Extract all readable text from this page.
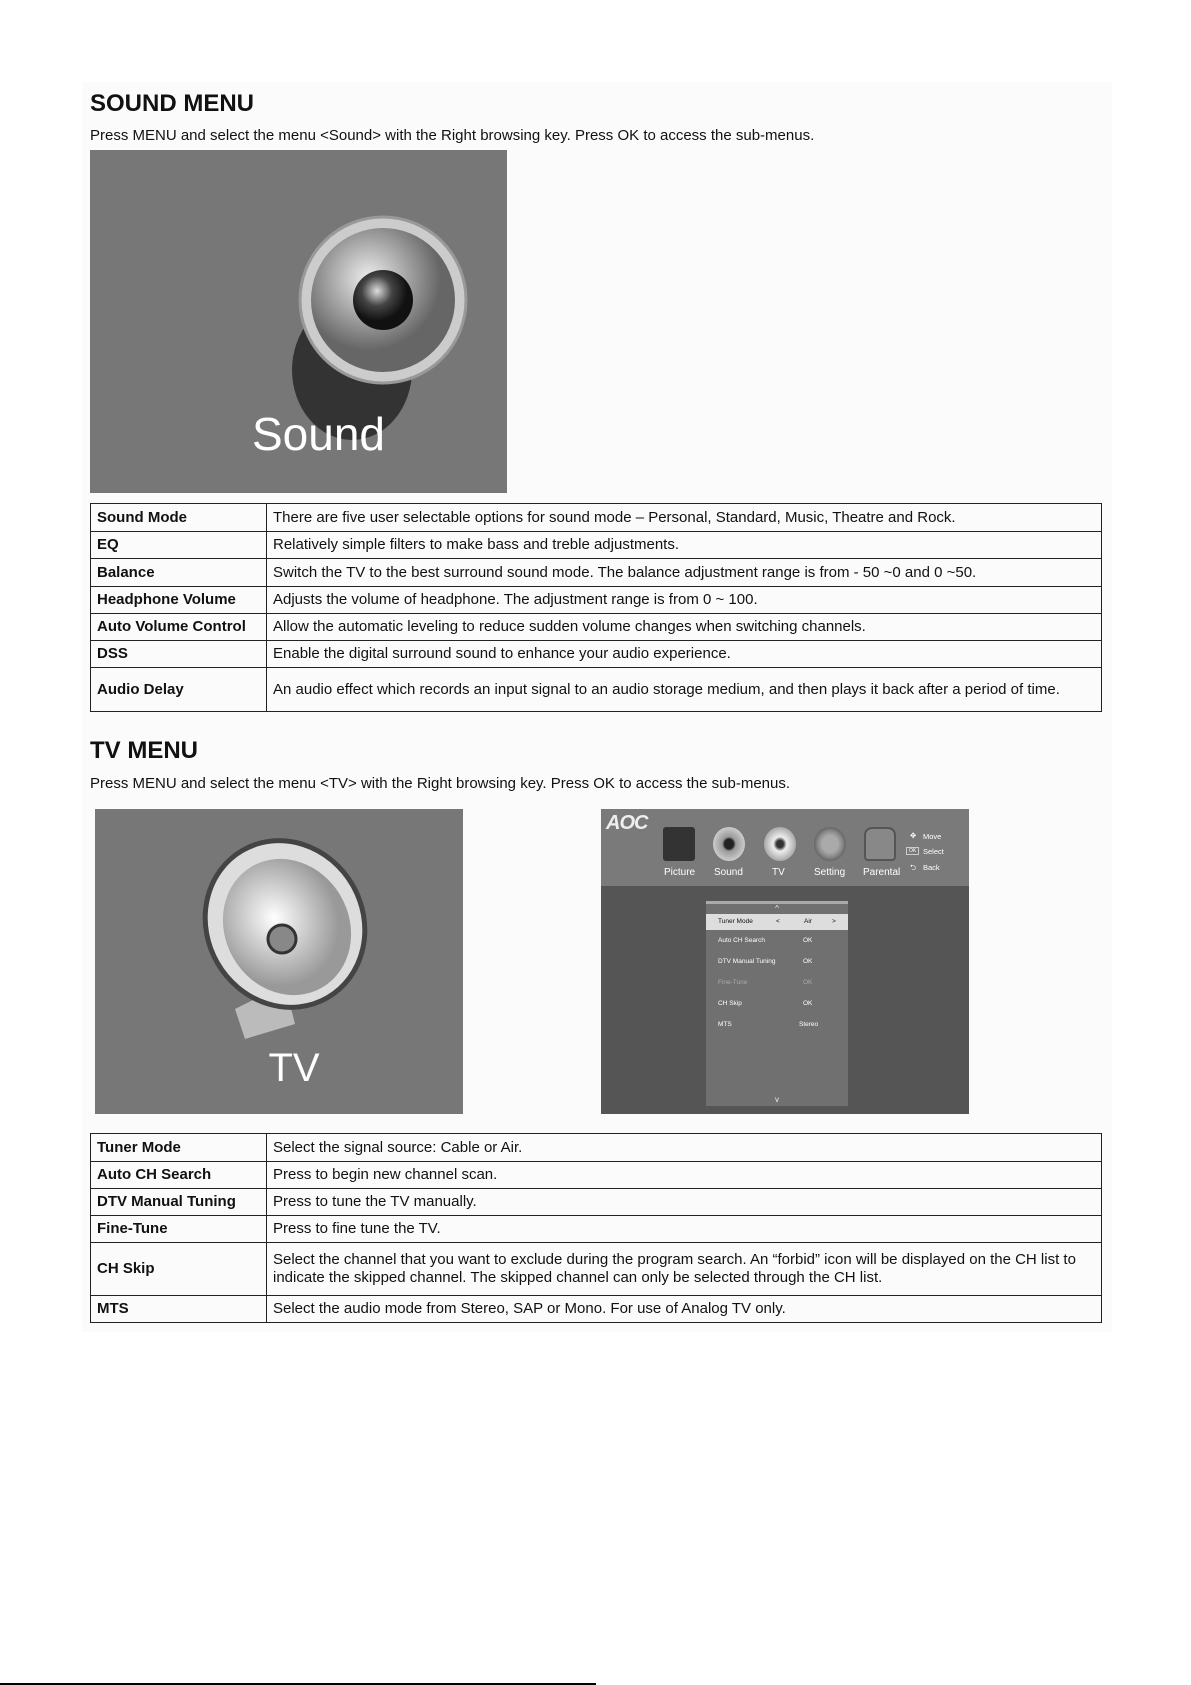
SOUND MENU
Press MENU and select the menu <Sound> with the Right browsing key. Press OK to access the sub-menus.
Sound
Sound Mode	There are five user selectable options for sound mode – Personal, Standard, Music, Theatre and Rock.
EQ	Relatively simple filters to make bass and treble adjustments.
Balance	Switch the TV to the best surround sound mode. The balance adjustment range is from - 50 ~0 and 0 ~50.
Headphone Volume	Adjusts the volume of headphone. The adjustment range is from 0 ~ 100.
Auto Volume Control	Allow the automatic leveling to reduce sudden volume changes when switching channels.
DSS	Enable the digital surround sound to enhance your audio experience.
Audio Delay	An audio effect which records an input signal to an audio storage medium, and then plays it back after a period of time.
TV MENU
Press MENU and select the menu <TV> with the Right browsing key. Press OK to access the sub-menus.
TV
AOC
Picture Sound	TV	Setting Parental
✥ Move
OK Select
⮌ Back
^
Tuner Mode	<	Air	>
Auto CH Search	OK
DTV Manual Tuning	OK
Fine-Tune	OK
CH Skip	OK
MTS	Stereo
v
Tuner Mode	Select the signal source: Cable or Air.
Auto CH Search	Press to begin new channel scan.
DTV Manual Tuning	Press to tune the TV manually.
Fine-Tune	Press to fine tune the TV.
CH Skip	Select the channel that you want to exclude during the program search. An “forbid” icon will be displayed on the CH list to indicate the skipped channel. The skipped channel can only be selected through the CH list.
MTS	Select the audio mode from Stereo, SAP or Mono. For use of Analog TV only.
